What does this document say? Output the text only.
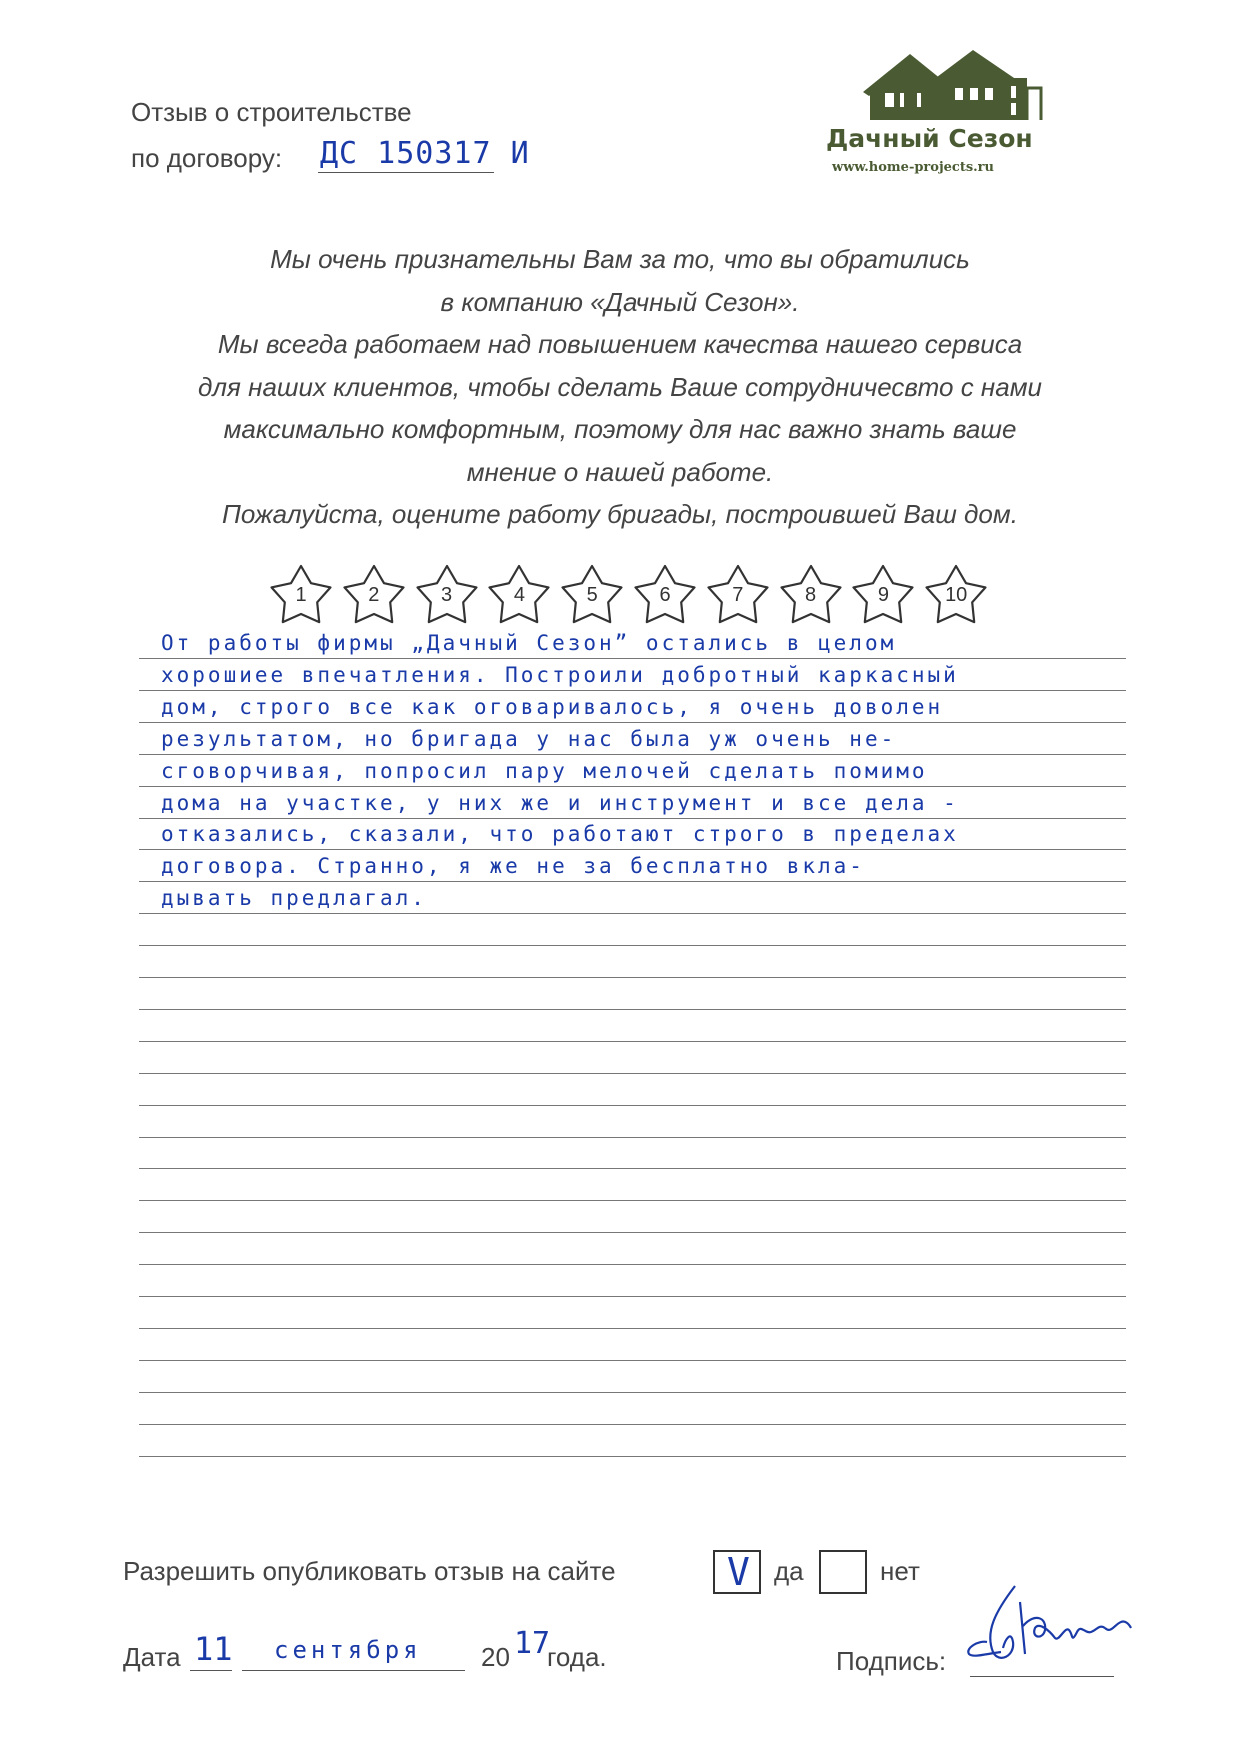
Отзыв о строительстве
по договору: ДС 150317 И	Дачный Сезон
www.home-projects.ru
Мы очень признательны Вам за то, что вы обратились
в компанию «Дачный Сезон».
Мы всегда работаем над повышением качества нашего сервиса
для наших клиентов, чтобы сделать Ваше сотрудничесвто с нами
максимально комфортным, поэтому для нас важно знать ваше
мнение о нашей работе.
Пожалуйста, оцените работу бригады, построившей Ваш дом.
1	2	3	4	5	6	7	8	9	10
От работы фирмы „Дачный Сезон” остались в целом
хорошиее впечатления. Построили добротный каркасный
дом, строго все как оговаривалось, я очень доволен
результатом, но бригада у нас была уж очень не-
сговорчивая, попросил пару мелочей сделать помимо
дома на участке, у них же и инструмент и все дела -
отказались, сказали, что работают строго в пределах
договора. Странно, я же не за бесплатно вкла-
дывать предлагал.
Разрешить опубликовать отзыв на сайте	V да	нет
Дата 11 сентября 20 17
года.	Подпись:
